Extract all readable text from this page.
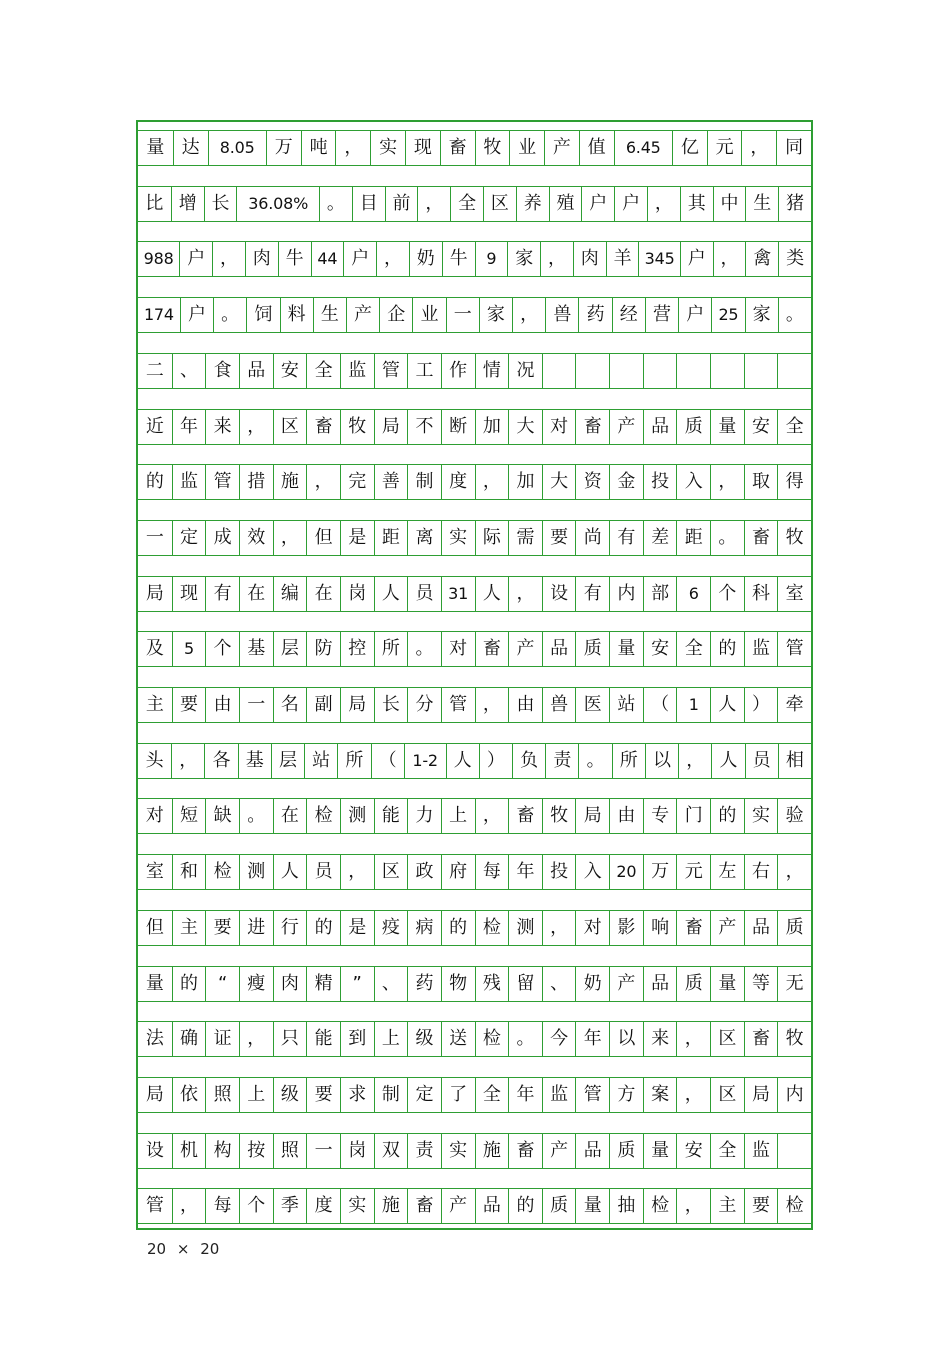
量 达	8.05	万 吨 ， 实 现 畜 牧 业 产 值	6.45	亿 元 ， 同
比 增 长	36.08%	。 目 前 ， 全 区 养 殖 户 户 ， 其 中 生 猪
988 户 ， 肉 牛 44 户 ， 奶 牛	9	家 ， 肉 羊 345 户 ， 禽 类
174 户 。 饲 料 生 产 企 业 一 家 ， 兽 药 经 营 户 25 家 。
二 、 食 品 安 全 监 管 工 作 情 况
近 年 来 ， 区 畜 牧 局 不 断 加 大 对 畜 产 品 质 量 安 全
的 监 管 措 施 ， 完 善 制 度 ， 加 大 资 金 投 入 ， 取 得
一 定 成 效 ， 但 是 距 离 实 际 需 要 尚 有 差 距 。 畜 牧
局 现 有 在 编 在 岗 人 员 31 人 ， 设 有 内 部	6	个 科 室
及	5	个 基 层 防 控 所 。 对 畜 产 品 质 量 安 全 的 监 管
主 要 由 一 名 副 局 长 分 管 ， 由 兽 医 站 （	1	人 ） 牵
头 ， 各 基 层 站 所 （ 1-2 人 ） 负 责 。 所 以 ， 人 员 相
对 短 缺 。 在 检 测 能 力 上 ， 畜 牧 局 由 专 门 的 实 验
室 和 检 测 人 员 ， 区 政 府 每 年 投 入 20 万 元 左 右 ，
但 主 要 进 行 的 是 疫 病 的 检 测 ， 对 影 响 畜 产 品 质
量 的	“	瘦 肉 精	”	、 药 物 残 留 、 奶 产 品 质 量 等 无
法 确 证 ， 只 能 到 上 级 送 检 。 今 年 以 来 ， 区 畜 牧
局 依 照 上 级 要 求 制 定 了 全 年 监 管 方 案 ， 区 局 内
设 机 构 按 照 一 岗 双 责 实 施 畜 产 品 质 量 安 全 监
管 ， 每 个 季 度 实 施 畜 产 品 的 质 量 抽 检 ， 主 要 检
20 × 20
